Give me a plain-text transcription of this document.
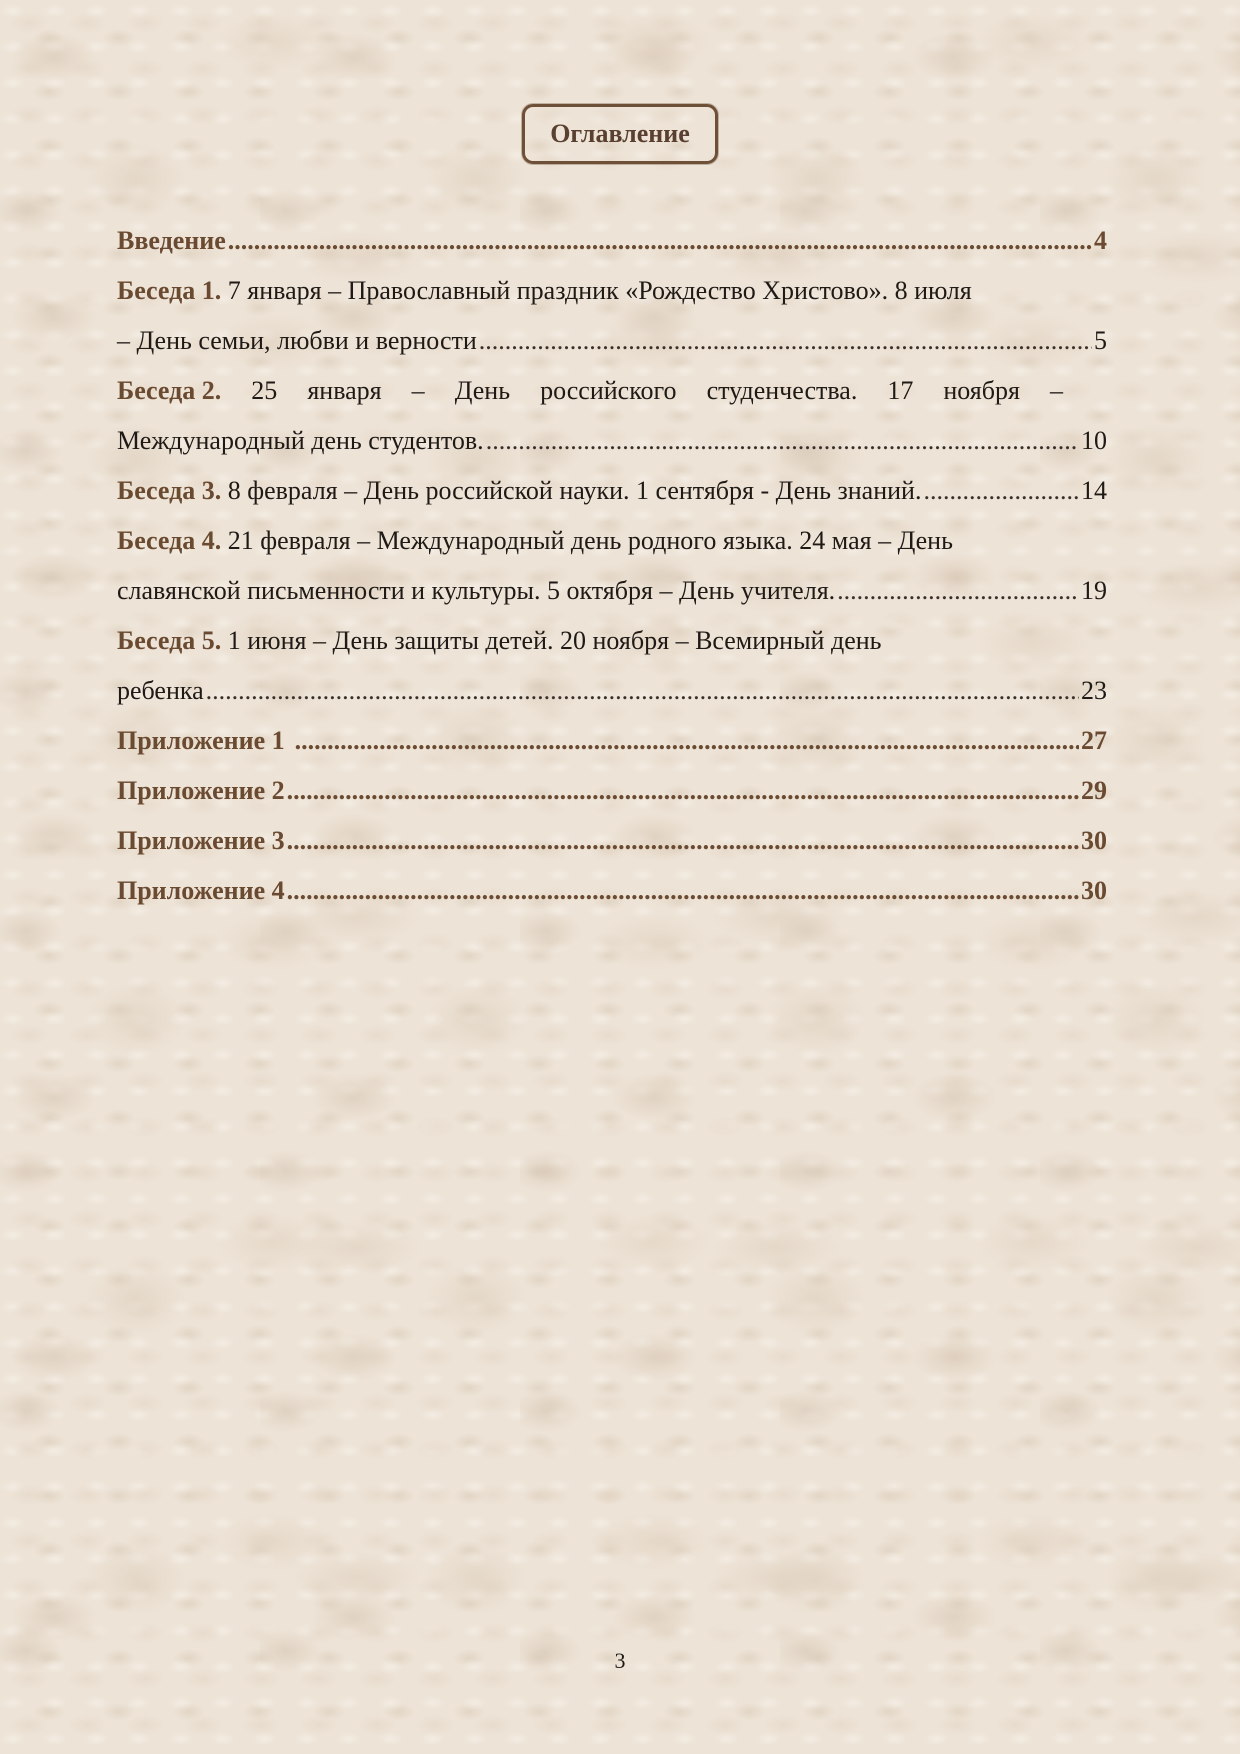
Оглавление
Введение .....	4
Беседа 1. 7 января – Православный праздник «Рождество Христово». 8 июля
– День семьи, любви и верности .....	5
Беседа 2. 25 января – День российского студенчества. 17 ноября –
Международный день студентов. .....	10
Беседа 3. 8 февраля – День российской науки. 1 сентября - День знаний. .....	14
Беседа 4. 21 февраля – Международный день родного языка. 24 мая – День
славянской письменности и культуры. 5 октября – День учителя. .....	19
Беседа 5. 1 июня – День защиты детей. 20 ноября – Всемирный день
ребенка .....	23
Приложение 1 .....	27
Приложение 2 .....	29
Приложение 3 .....	30
Приложение 4 .....	30
3
